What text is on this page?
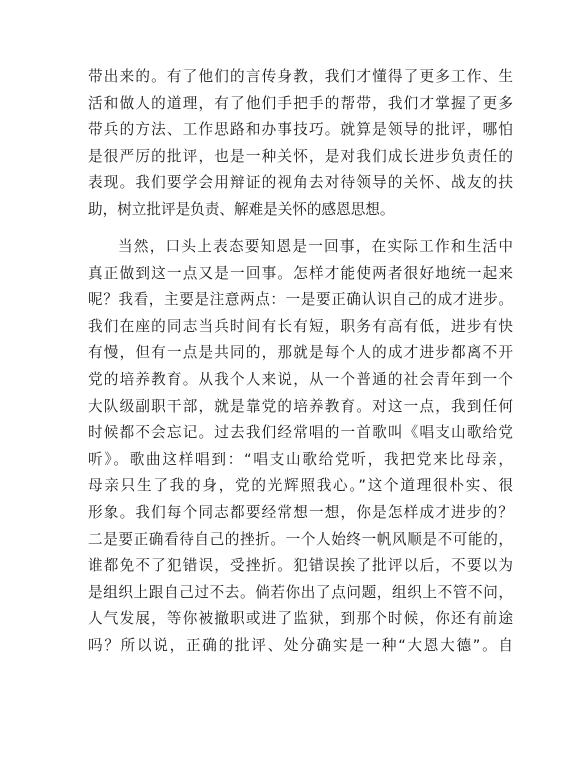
带出来的。有了他们的言传身教，我们才懂得了更多工作、生
活和做人的道理，有了他们手把手的帮带，我们才掌握了更多
带兵的方法、工作思路和办事技巧。就算是领导的批评，哪怕
是很严厉的批评，也是一种关怀，是对我们成长进步负责任的
表现。我们要学会用辩证的视角去对待领导的关怀、战友的扶
助，树立批评是负责、解难是关怀的感恩思想。
当然，口头上表态要知恩是一回事，在实际工作和生活中
真正做到这一点又是一回事。怎样才能使两者很好地统一起来
呢？我看，主要是注意两点：一是要正确认识自己的成才进步。
我们在座的同志当兵时间有长有短，职务有高有低，进步有快
有慢，但有一点是共同的，那就是每个人的成才进步都离不开
党的培养教育。从我个人来说，从一个普通的社会青年到一个
大队级副职干部，就是靠党的培养教育。对这一点，我到任何
时候都不会忘记。过去我们经常唱的一首歌叫《唱支山歌给党
听》。歌曲这样唱到：“唱支山歌给党听，我把党来比母亲，
母亲只生了我的身，党的光辉照我心。”这个道理很朴实、很
形象。我们每个同志都要经常想一想，你是怎样成才进步的？
二是要正确看待自己的挫折。一个人始终一帆风顺是不可能的，
谁都免不了犯错误，受挫折。犯错误挨了批评以后，不要以为
是组织上跟自己过不去。倘若你出了点问题，组织上不管不问，
人气发展，等你被撤职或进了监狱，到那个时候，你还有前途
吗？所以说，正确的批评、处分确实是一种“大恩大德”。自
